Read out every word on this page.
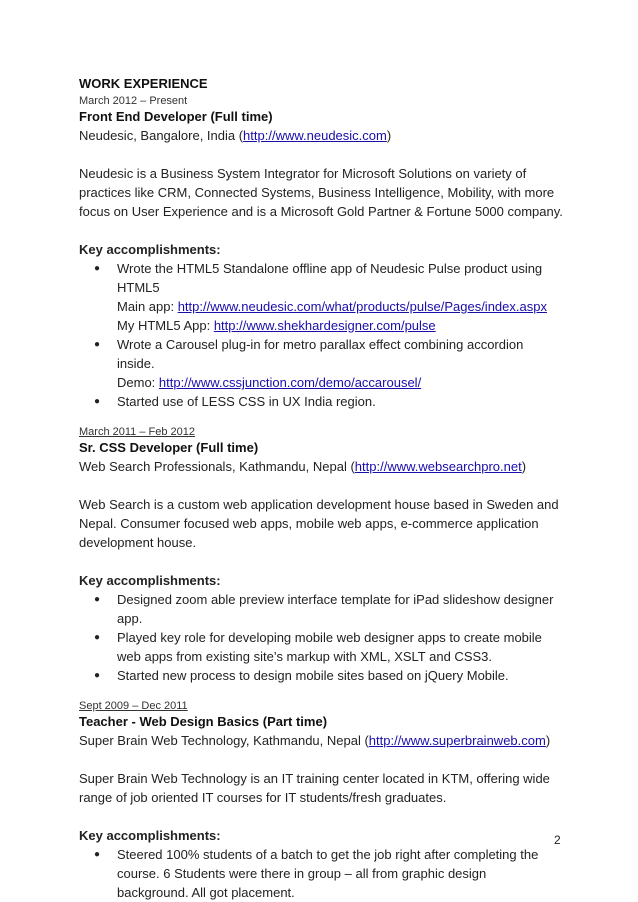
WORK EXPERIENCE
March 2012 – Present
Front End Developer (Full time)
Neudesic, Bangalore, India (http://www.neudesic.com)
Neudesic is a Business System Integrator for Microsoft Solutions on variety of practices like CRM, Connected Systems, Business Intelligence, Mobility, with more focus on User Experience and is a Microsoft Gold Partner & Fortune 5000 company.
Key accomplishments:
● Wrote the HTML5 Standalone offline app of Neudesic Pulse product using HTML5
Main app: http://www.neudesic.com/what/products/pulse/Pages/index.aspx
My HTML5 App: http://www.shekhardesigner.com/pulse
● Wrote a Carousel plug-in for metro parallax effect combining accordion inside.
Demo: http://www.cssjunction.com/demo/accarousel/
● Started use of LESS CSS in UX India region.
March 2011 – Feb 2012
Sr. CSS Developer (Full time)
Web Search Professionals, Kathmandu, Nepal (http://www.websearchpro.net)
Web Search is a custom web application development house based in Sweden and Nepal. Consumer focused web apps, mobile web apps, e-commerce application development house.
Key accomplishments:
● Designed zoom able preview interface template for iPad slideshow designer app.
● Played key role for developing mobile web designer apps to create mobile web apps from existing site’s markup with XML, XSLT and CSS3.
● Started new process to design mobile sites based on jQuery Mobile.
Sept 2009 – Dec 2011
Teacher - Web Design Basics (Part time)
Super Brain Web Technology, Kathmandu, Nepal (http://www.superbrainweb.com)
Super Brain Web Technology is an IT training center located in KTM, offering wide range of job oriented IT courses for IT students/fresh graduates.
Key accomplishments:
● Steered 100% students of a batch to get the job right after completing the course. 6 Students were there in group – all from graphic design background. All got placement.
2
